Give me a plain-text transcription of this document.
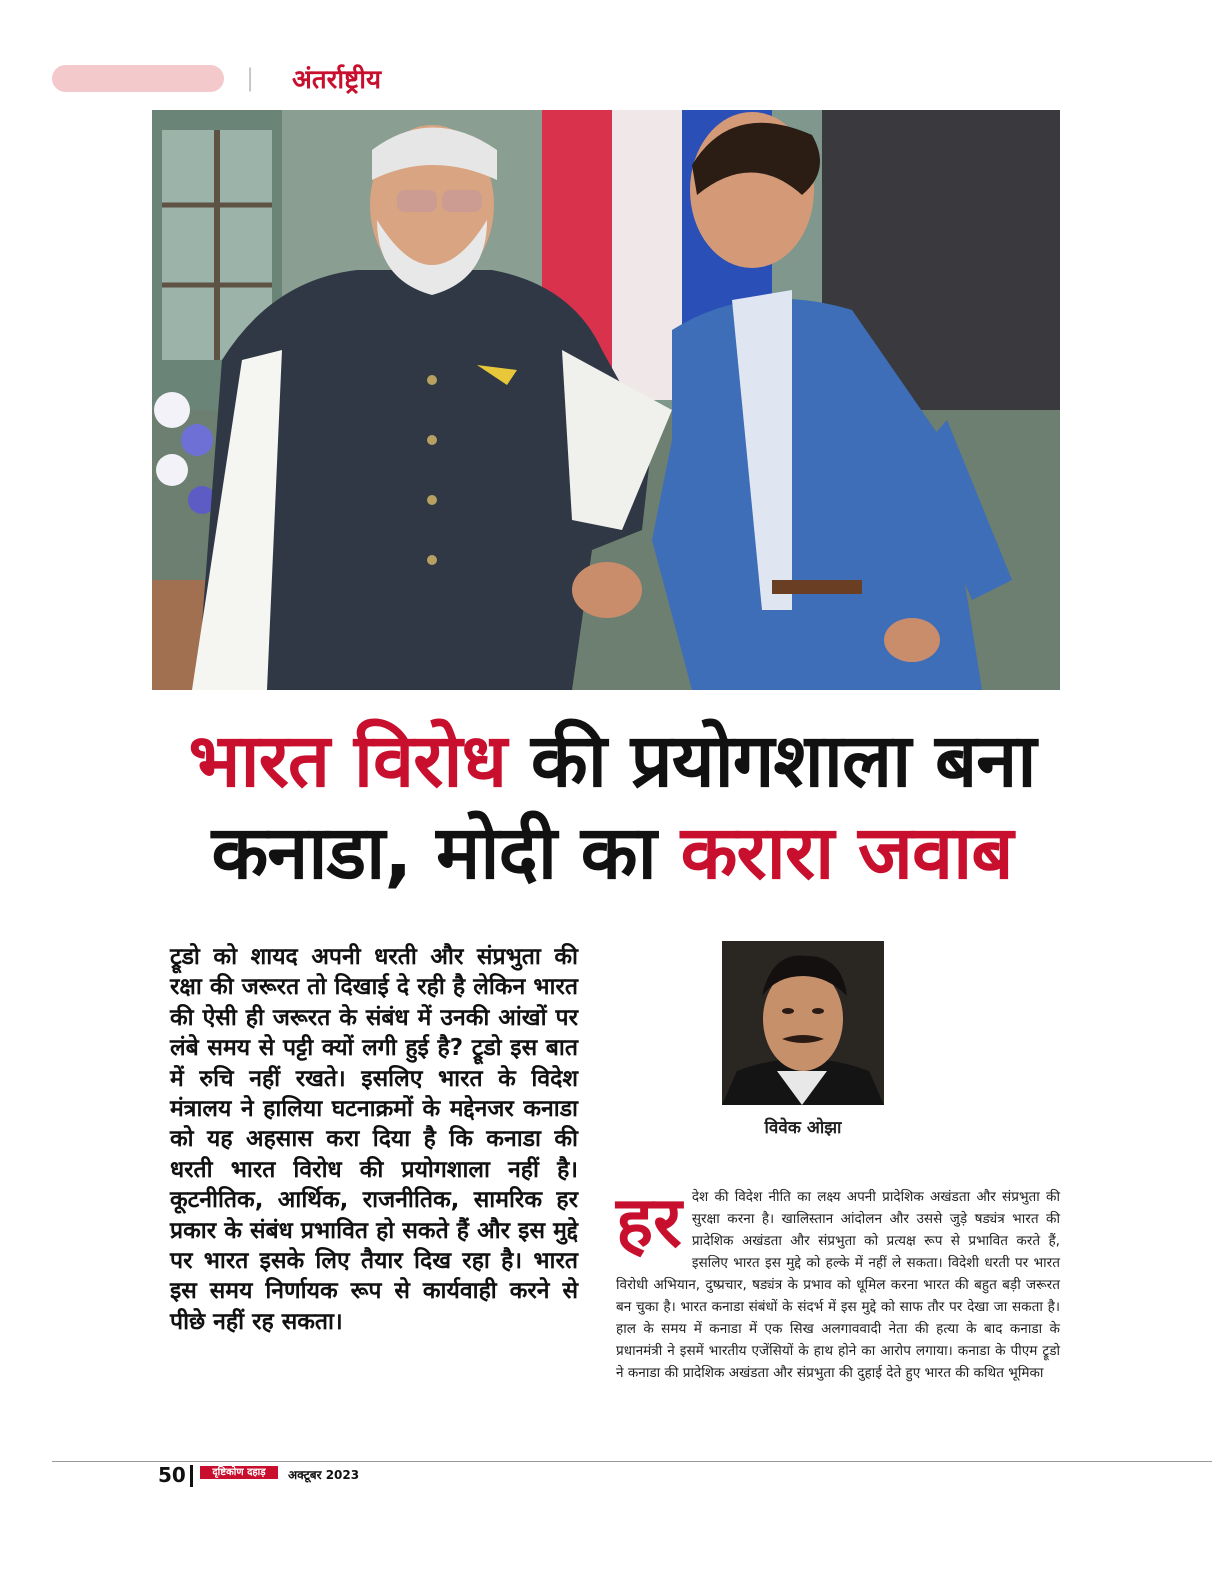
| अंतर्राष्ट्रीय
भारत विरोध की प्रयोगशाला बना
कनाडा, मोदी का करारा जवाब
ट्रूडो को शायद अपनी धरती और संप्रभुता की रक्षा की जरूरत तो दिखाई दे रही है लेकिन भारत की ऐसी ही जरूरत के संबंध में उनकी आंखों पर लंबे समय से पट्टी क्यों लगी हुई है? ट्रूडो इस बात में रुचि नहीं रखते। इसलिए भारत के विदेश मंत्रालय ने हालिया घटनाक्रमों के मद्देनजर कनाडा को यह अहसास करा दिया है कि कनाडा की धरती भारत विरोध की प्रयोगशाला नहीं है। कूटनीतिक, आर्थिक, राजनीतिक, सामरिक हर प्रकार के संबंध प्रभावित हो सकते हैं और इस मुद्दे पर भारत इसके लिए तैयार दिख रहा है। भारत इस समय निर्णायक रूप से कार्यवाही करने से पीछे नहीं रह सकता।
विवेक ओझा
हर देश की विदेश नीति का लक्ष्य अपनी प्रादेशिक अखंडता और संप्रभुता की सुरक्षा करना है। खालिस्तान आंदोलन और उससे जुड़े षड्यंत्र भारत की प्रादेशिक अखंडता और संप्रभुता को प्रत्यक्ष रूप से प्रभावित करते हैं, इसलिए भारत इस मुद्दे को हल्के में नहीं ले सकता। विदेशी धरती पर भारत विरोधी अभियान, दुष्प्रचार, षड्यंत्र के प्रभाव को धूमिल करना भारत की बहुत बड़ी जरूरत बन चुका है। भारत कनाडा संबंधों के संदर्भ में इस मुद्दे को साफ तौर पर देखा जा सकता है। हाल के समय में कनाडा में एक सिख अलगाववादी नेता की हत्या के बाद कनाडा के प्रधानमंत्री ने इसमें भारतीय एजेंसियों के हाथ होने का आरोप लगाया। कनाडा के पीएम ट्रूडो ने कनाडा की प्रादेशिक अखंडता और संप्रभुता की दुहाई देते हुए भारत की कथित भूमिका
50	दृष्टिकोण दहाड़	अक्टूबर 2023
